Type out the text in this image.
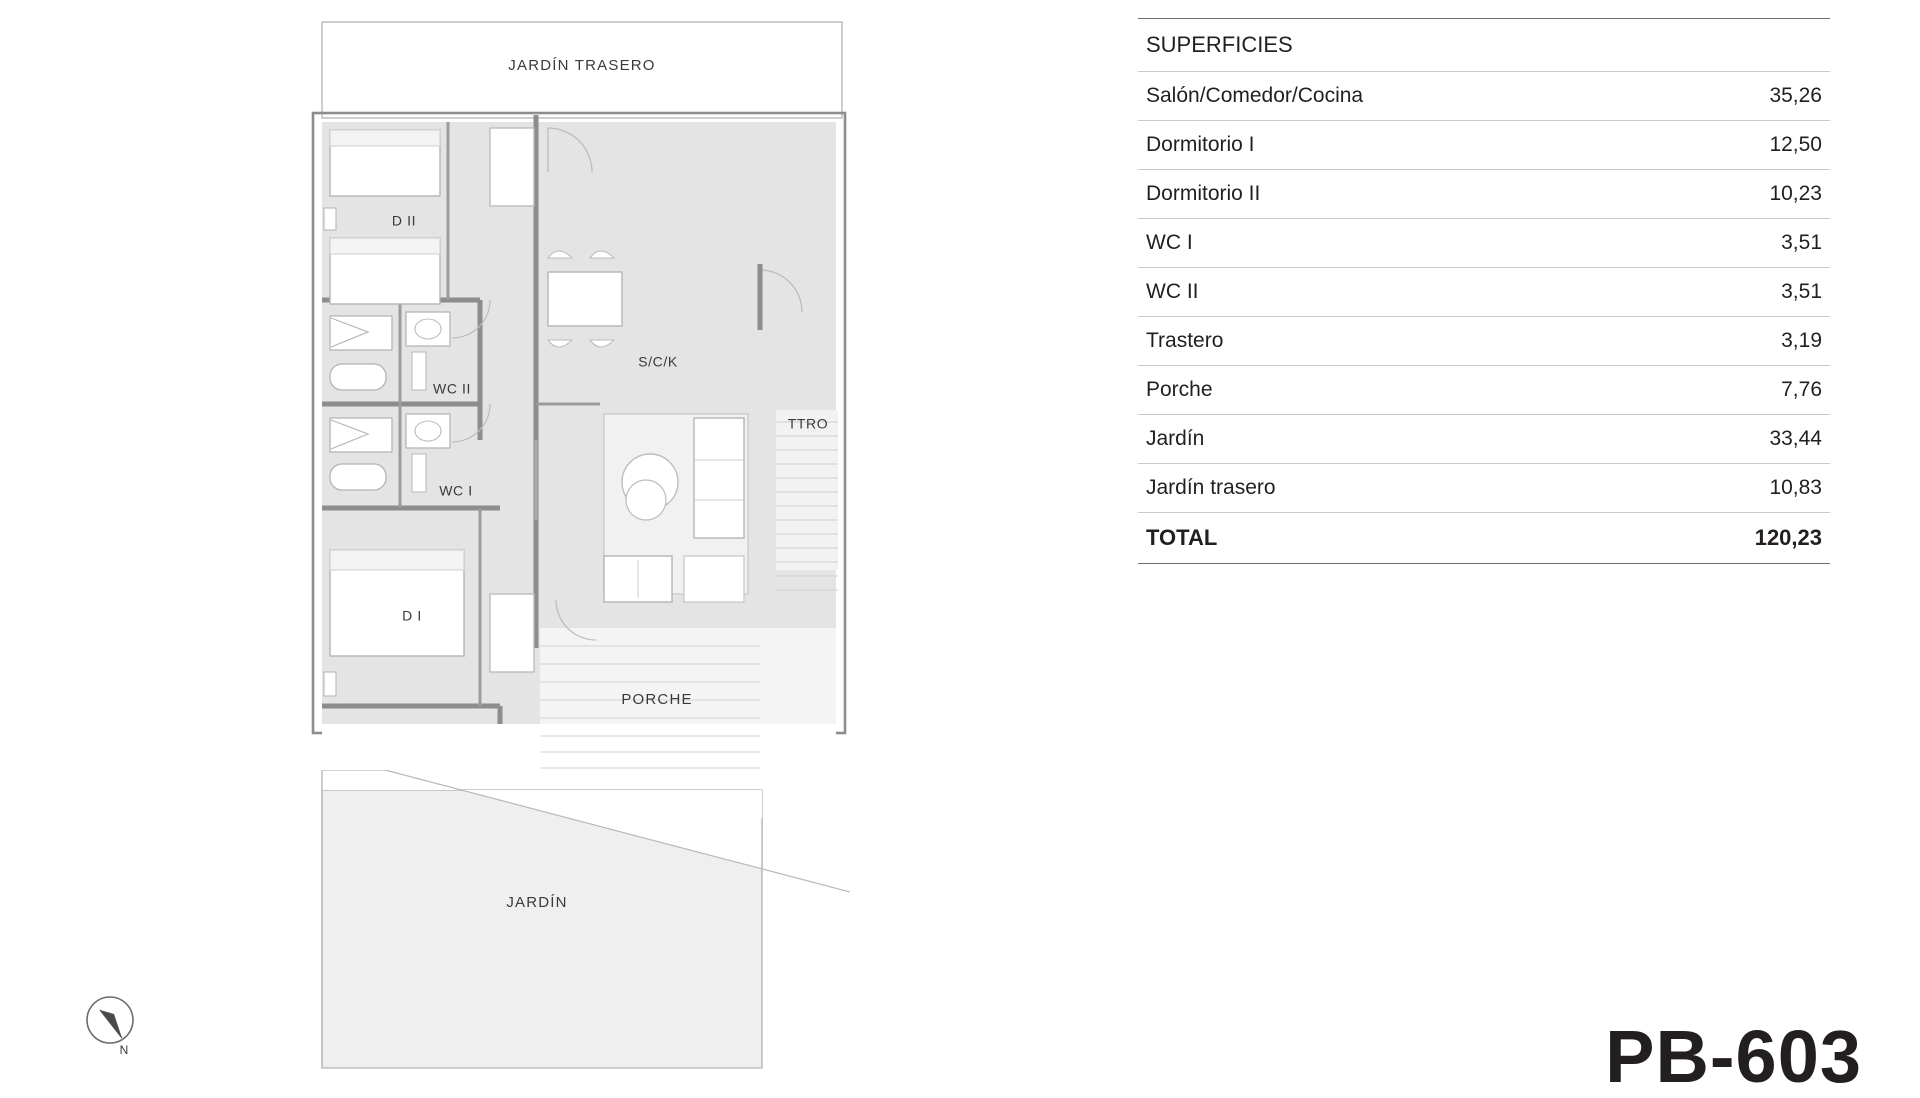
JARDÍN TRASERO
D II
WC II
WC I
S/C/K
TTRO
D I
PORCHE
JARDÍN
N
SUPERFICIES	
Salón/Comedor/Cocina	35,26
Dormitorio I	12,50
Dormitorio II	10,23
WC I	3,51
WC II	3,51
Trastero	3,19
Porche	7,76
Jardín	33,44
Jardín trasero	10,83
TOTAL	120,23
PB-603
